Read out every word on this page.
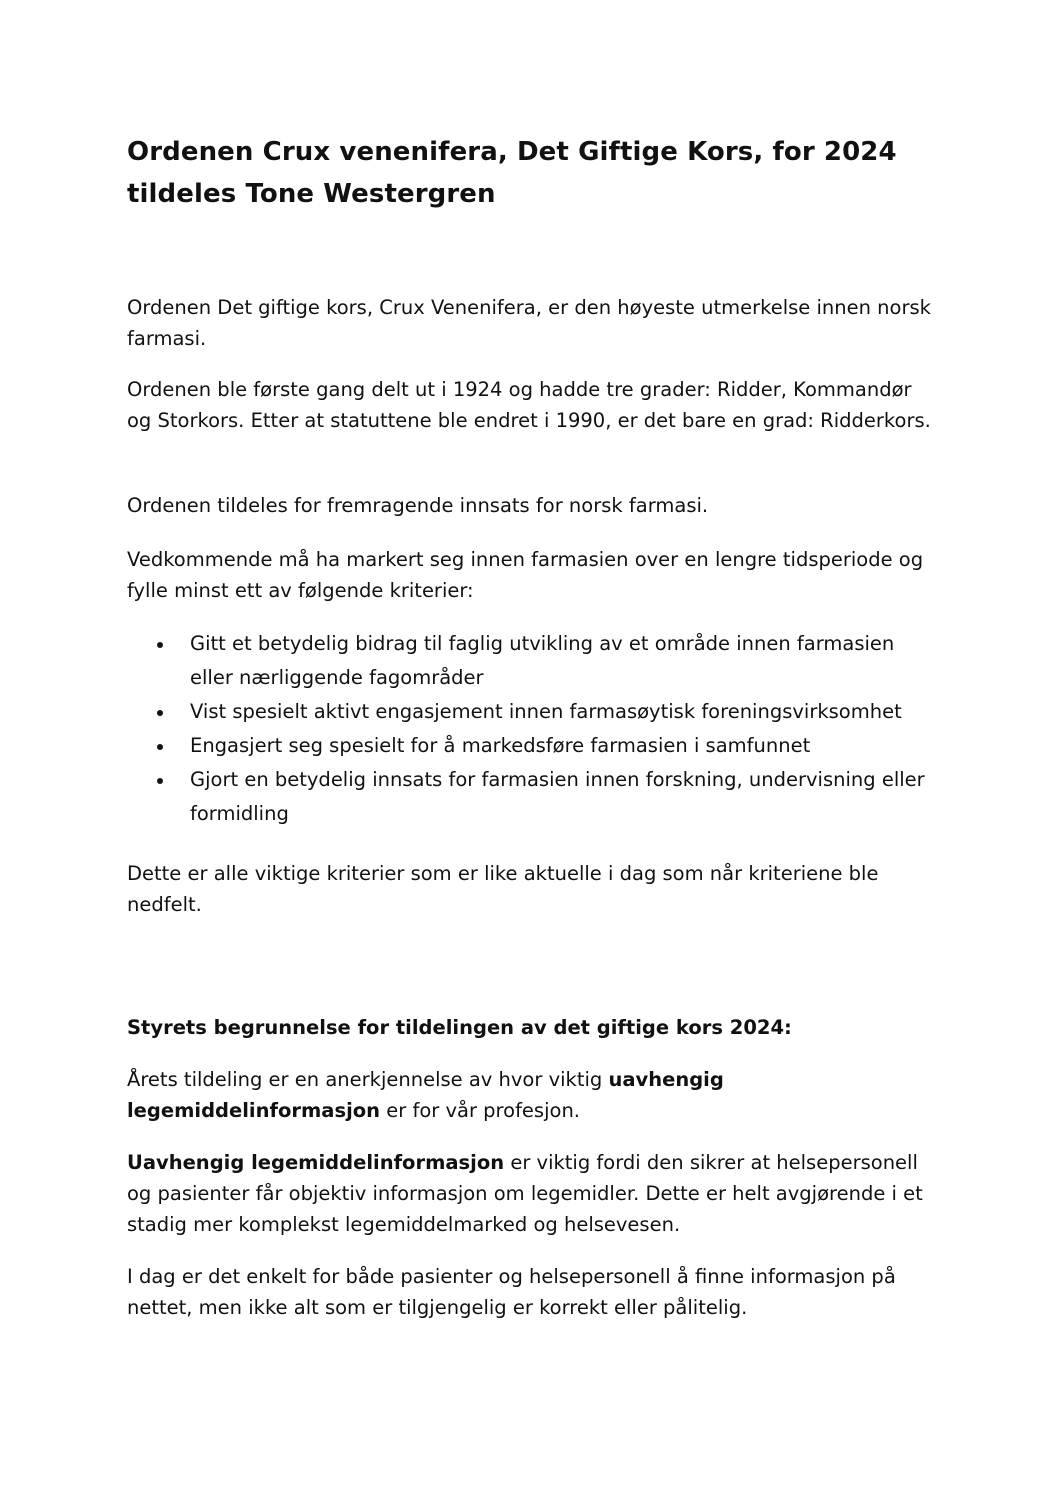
Ordenen Crux venenifera, Det Giftige Kors, for 2024 tildeles Tone Westergren

Ordenen Det giftige kors, Crux Venenifera, er den høyeste utmerkelse innen norsk farmasi.

Ordenen ble første gang delt ut i 1924 og hadde tre grader: Ridder, Kommandør og Storkors. Etter at statuttene ble endret i 1990, er det bare en grad: Ridderkors.

Ordenen tildeles for fremragende innsats for norsk farmasi.

Vedkommende må ha markert seg innen farmasien over en lengre tidsperiode og fylle minst ett av følgende kriterier:

Gitt et betydelig bidrag til faglig utvikling av et område innen farmasien eller nærliggende fagområder
Vist spesielt aktivt engasjement innen farmasøytisk foreningsvirksomhet
Engasjert seg spesielt for å markedsføre farmasien i samfunnet
Gjort en betydelig innsats for farmasien innen forskning, undervisning eller formidling

Dette er alle viktige kriterier som er like aktuelle i dag som når kriteriene ble nedfelt.

Styrets begrunnelse for tildelingen av det giftige kors 2024:

Årets tildeling er en anerkjennelse av hvor viktig uavhengig legemiddelinformasjon er for vår profesjon.

Uavhengig legemiddelinformasjon er viktig fordi den sikrer at helsepersonell og pasienter får objektiv informasjon om legemidler. Dette er helt avgjørende i et stadig mer komplekst legemiddelmarked og helsevesen.

I dag er det enkelt for både pasienter og helsepersonell å finne informasjon på nettet, men ikke alt som er tilgjengelig er korrekt eller pålitelig.
